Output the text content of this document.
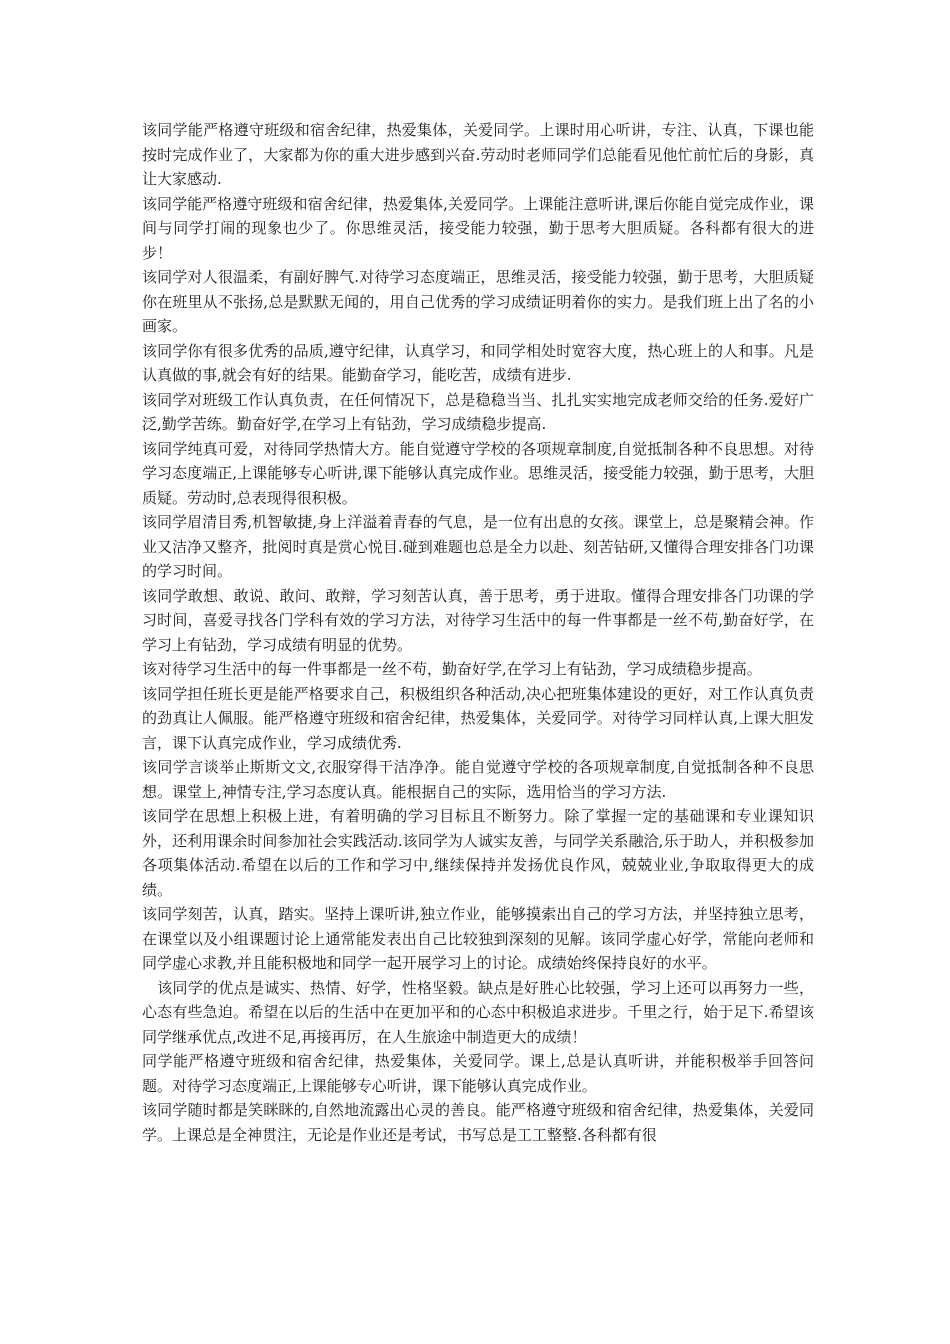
该同学能严格遵守班级和宿舍纪律，热爱集体，关爱同学。上课时用心听讲，专注、认真，下课也能按时完成作业了，大家都为你的重大进步感到兴奋.劳动时老师同学们总能看见他忙前忙后的身影，真让大家感动.

该同学能严格遵守班级和宿舍纪律，热爱集体,关爱同学。上课能注意听讲,课后你能自觉完成作业，课间与同学打闹的现象也少了。你思维灵活，接受能力较强，勤于思考大胆质疑。各科都有很大的进步！

该同学对人很温柔，有副好脾气.对待学习态度端正，思维灵活，接受能力较强，勤于思考，大胆质疑你在班里从不张扬,总是默默无闻的，用自己优秀的学习成绩证明着你的实力。是我们班上出了名的小画家。

该同学你有很多优秀的品质,遵守纪律，认真学习，和同学相处时宽容大度，热心班上的人和事。凡是认真做的事,就会有好的结果。能勤奋学习，能吃苦，成绩有进步.

该同学对班级工作认真负责，在任何情况下，总是稳稳当当、扎扎实实地完成老师交给的任务.爱好广泛,勤学苦练。勤奋好学,在学习上有钻劲，学习成绩稳步提高.

该同学纯真可爱，对待同学热情大方。能自觉遵守学校的各项规章制度,自觉抵制各种不良思想。对待学习态度端正,上课能够专心听讲,课下能够认真完成作业。思维灵活，接受能力较强，勤于思考，大胆质疑。劳动时,总表现得很积极。

该同学眉清目秀,机智敏捷,身上洋溢着青春的气息，是一位有出息的女孩。课堂上，总是聚精会神。作业又洁净又整齐，批阅时真是赏心悦目.碰到难题也总是全力以赴、刻苦钻研,又懂得合理安排各门功课的学习时间。

该同学敢想、敢说、敢问、敢辩，学习刻苦认真，善于思考，勇于进取。懂得合理安排各门功课的学习时间，喜爱寻找各门学科有效的学习方法，对待学习生活中的每一件事都是一丝不苟,勤奋好学，在学习上有钻劲，学习成绩有明显的优势。

该对待学习生活中的每一件事都是一丝不苟，勤奋好学,在学习上有钻劲，学习成绩稳步提高。

该同学担任班长更是能严格要求自己，积极组织各种活动,决心把班集体建设的更好，对工作认真负责的劲真让人佩服。能严格遵守班级和宿舍纪律，热爱集体，关爱同学。对待学习同样认真,上课大胆发言，课下认真完成作业，学习成绩优秀.

该同学言谈举止斯斯文文,衣服穿得干洁净净。能自觉遵守学校的各项规章制度,自觉抵制各种不良思想。课堂上,神情专注,学习态度认真。能根据自己的实际，选用恰当的学习方法.

该同学在思想上积极上进，有着明确的学习目标且不断努力。除了掌握一定的基础课和专业课知识外，还利用课余时间参加社会实践活动.该同学为人诚实友善，与同学关系融洽,乐于助人，并积极参加各项集体活动.希望在以后的工作和学习中,继续保持并发扬优良作风，兢兢业业,争取取得更大的成绩。

该同学刻苦，认真，踏实。坚持上课听讲,独立作业，能够摸索出自己的学习方法，并坚持独立思考，在课堂以及小组课题讨论上通常能发表出自己比较独到深刻的见解。该同学虚心好学，常能向老师和同学虚心求教,并且能积极地和同学一起开展学习上的讨论。成绩始终保持良好的水平。

　该同学的优点是诚实、热情、好学，性格坚毅。缺点是好胜心比较强，学习上还可以再努力一些，心态有些急迫。希望在以后的生活中在更加平和的心态中积极追求进步。千里之行，始于足下.希望该同学继承优点,改进不足,再接再厉，在人生旅途中制造更大的成绩！

同学能严格遵守班级和宿舍纪律，热爱集体，关爱同学。课上,总是认真听讲，并能积极举手回答问题。对待学习态度端正,上课能够专心听讲，课下能够认真完成作业。

该同学随时都是笑眯眯的,自然地流露出心灵的善良。能严格遵守班级和宿舍纪律，热爱集体，关爱同学。上课总是全神贯注，无论是作业还是考试，书写总是工工整整.各科都有很
